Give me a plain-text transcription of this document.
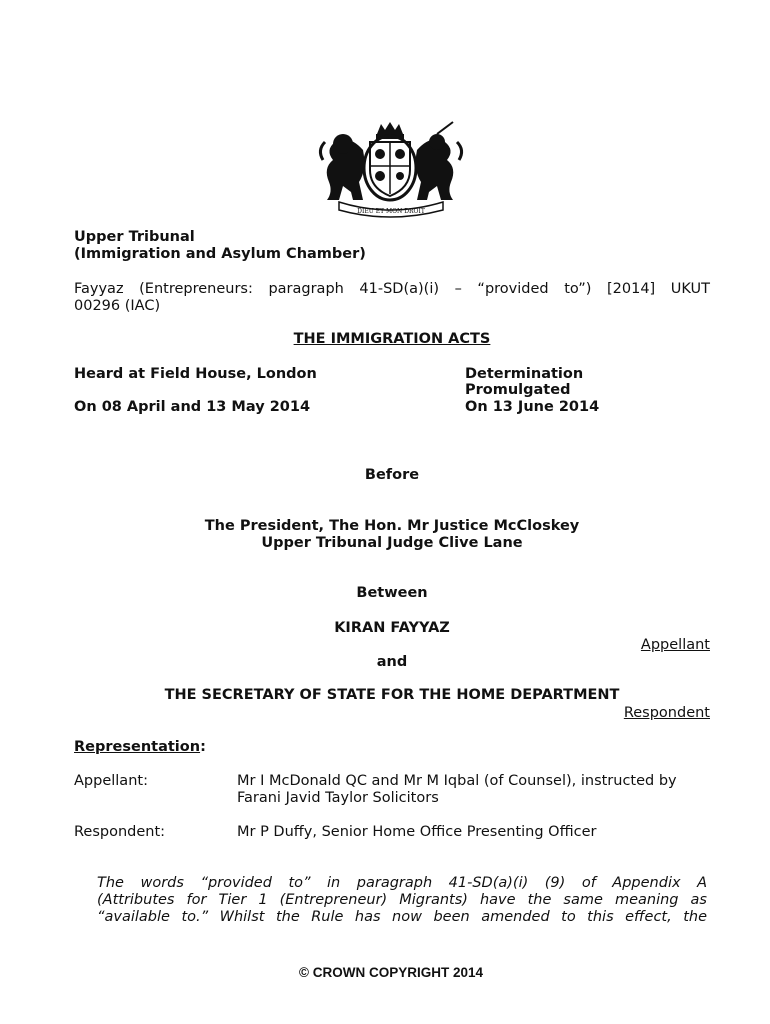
DIEU ET MON DROIT
Upper Tribunal
(Immigration and Asylum Chamber)
Fayyaz (Entrepreneurs: paragraph 41-SD(a)(i) – “provided to”) [2014] UKUT
00296 (IAC)
THE IMMIGRATION ACTS
Heard at Field House, London
On 08 April and 13 May 2014
Determination
Promulgated
On 13 June 2014
Before
The President, The Hon. Mr Justice McCloskey
Upper Tribunal Judge Clive Lane
Between
KIRAN FAYYAZ
Appellant
and
THE SECRETARY OF STATE FOR THE HOME DEPARTMENT
Respondent
Representation:
Appellant:	Mr I McDonald QC and Mr M Iqbal (of Counsel), instructed by
Farani Javid Taylor Solicitors
Respondent:	Mr P Duffy, Senior Home Office Presenting Officer
The words “provided to” in paragraph 41-SD(a)(i) (9) of Appendix A
(Attributes for Tier 1 (Entrepreneur) Migrants) have the same meaning as
“available to.” Whilst the Rule has now been amended to this effect, the
© CROWN COPYRIGHT 2014
